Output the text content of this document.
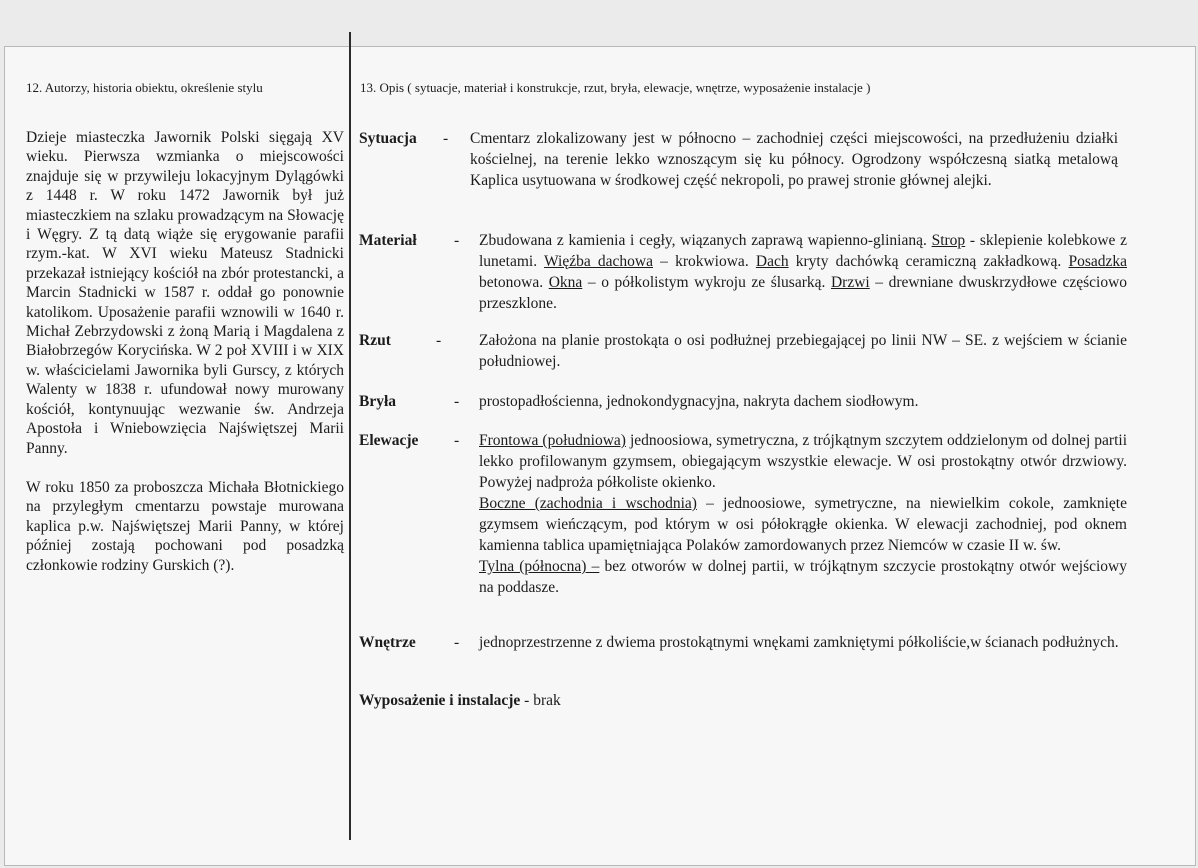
12. Autorzy, historia obiektu, określenie stylu	13. Opis ( sytuacje, materiał i konstrukcje, rzut, bryła, elewacje, wnętrze, wyposażenie instalacje )

Dzieje miasteczka Jawornik Polski sięgają XV wieku. Pierwsza wzmianka o miejscowości znajduje się w przywileju lokacyjnym Dylągówki z 1448 r. W roku 1472 Jawornik był już miasteczkiem na szlaku prowadzącym na Słowację i Węgry. Z tą datą wiąże się erygowanie parafii rzym.-kat. W XVI wieku Mateusz Stadnicki przekazał istniejący kościół na zbór protestancki, a Marcin Stadnicki w 1587 r. oddał go ponownie katolikom. Uposażenie parafii wznowili w 1640 r. Michał Zebrzydowski z żoną Marią i Magdalena z Białobrzegów Korycińska. W 2 poł XVIII i w XIX w. właścicielami Jawornika byli Gurscy, z których Walenty w 1838 r. ufundował nowy murowany kościół, kontynuując wezwanie św. Andrzeja Apostoła i Wniebowzięcia Najświętszej Marii Panny.

W roku 1850 za proboszcza Michała Błotnickiego na przyległym cmentarzu powstaje murowana kaplica p.w. Najświętszej Marii Panny, w której później zostają pochowani pod posadzką członkowie rodziny Gurskich (?).

Sytuacja - Cmentarz zlokalizowany jest w północno – zachodniej części miejscowości, na przedłużeniu działki kościelnej, na terenie lekko wznoszącym się ku północy. Ogrodzony współczesną siatką metalową Kaplica usytuowana w środkowej część nekropoli, po prawej stronie głównej alejki.
Materiał - Zbudowana z kamienia i cegły, wiązanych zaprawą wapienno-glinianą. Strop - sklepienie kolebkowe z lunetami. Więźba dachowa – krokwiowa. Dach kryty dachówką ceramiczną zakładkową. Posadzka betonowa. Okna – o półkolistym wykroju ze ślusarką. Drzwi – drewniane dwuskrzydłowe częściowo przeszklone.
Rzut	- Założona na planie prostokąta o osi podłużnej przebiegającej po linii NW – SE. z wejściem w ścianie południowej.
Bryła	- prostopadłościenna, jednokondygnacyjna, nakryta dachem siodłowym.
Elewacje - Frontowa (południowa) jednoosiowa, symetryczna, z trójkątnym szczytem oddzielonym od dolnej partii lekko profilowanym gzymsem, obiegającym wszystkie elewacje. W osi prostokątny otwór drzwiowy. Powyżej nadproża półkoliste okienko.
Boczne (zachodnia i wschodnia) – jednoosiowe, symetryczne, na niewielkim cokole, zamknięte gzymsem wieńczącym, pod którym w osi półokrągłe okienka. W elewacji zachodniej, pod oknem kamienna tablica upamiętniająca Polaków zamordowanych przez Niemców w czasie II w. św.
Tylna (północna) – bez otworów w dolnej partii, w trójkątnym szczycie prostokątny otwór wejściowy na poddasze.
Wnętrze - jednoprzestrzenne z dwiema prostokątnymi wnękami zamkniętymi półkoliście,w ścianach podłużnych.
Wyposażenie i instalacje - brak
